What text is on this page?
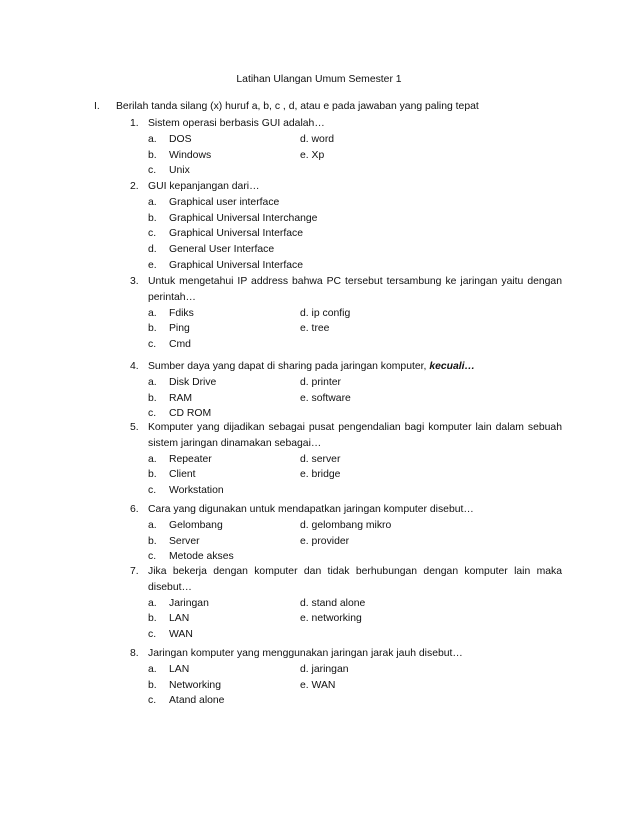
Latihan Ulangan Umum Semester 1
I. Berilah tanda silang (x) huruf a, b, c , d, atau e pada jawaban yang paling tepat
1. Sistem operasi berbasis GUI adalah…
a.	DOS	d. word
b.	Windows	e. Xp
c.	Unix
2. GUI kepanjangan dari…
a.	Graphical user interface
b.	Graphical Universal Interchange
c.	Graphical Universal Interface
d.	General User Interface
e.	Graphical Universal Interface
3. Untuk mengetahui IP address bahwa PC tersebut tersambung ke jaringan yaitu dengan
perintah…
a.	Fdiks	d. ip config
b.	Ping	e. tree
c.	Cmd
4. Sumber daya yang dapat di sharing pada jaringan komputer, kecuali…
a.	Disk Drive	d. printer
b.	RAM	e. software
c.	CD ROM
5. Komputer yang dijadikan sebagai pusat pengendalian bagi komputer lain dalam sebuah
sistem jaringan dinamakan sebagai…
a.	Repeater	d. server
b.	Client	e. bridge
c.	Workstation
6. Cara yang digunakan untuk mendapatkan jaringan komputer disebut…
a.	Gelombang	d. gelombang mikro
b.	Server	e. provider
c.	Metode akses
7. Jika bekerja dengan komputer dan tidak berhubungan dengan komputer lain maka
disebut…
a.	Jaringan	d. stand alone
b.	LAN	e. networking
c.	WAN
8. Jaringan komputer yang menggunakan jaringan jarak jauh disebut…
a.	LAN	d. jaringan
b.	Networking	e. WAN
c.	Atand alone
